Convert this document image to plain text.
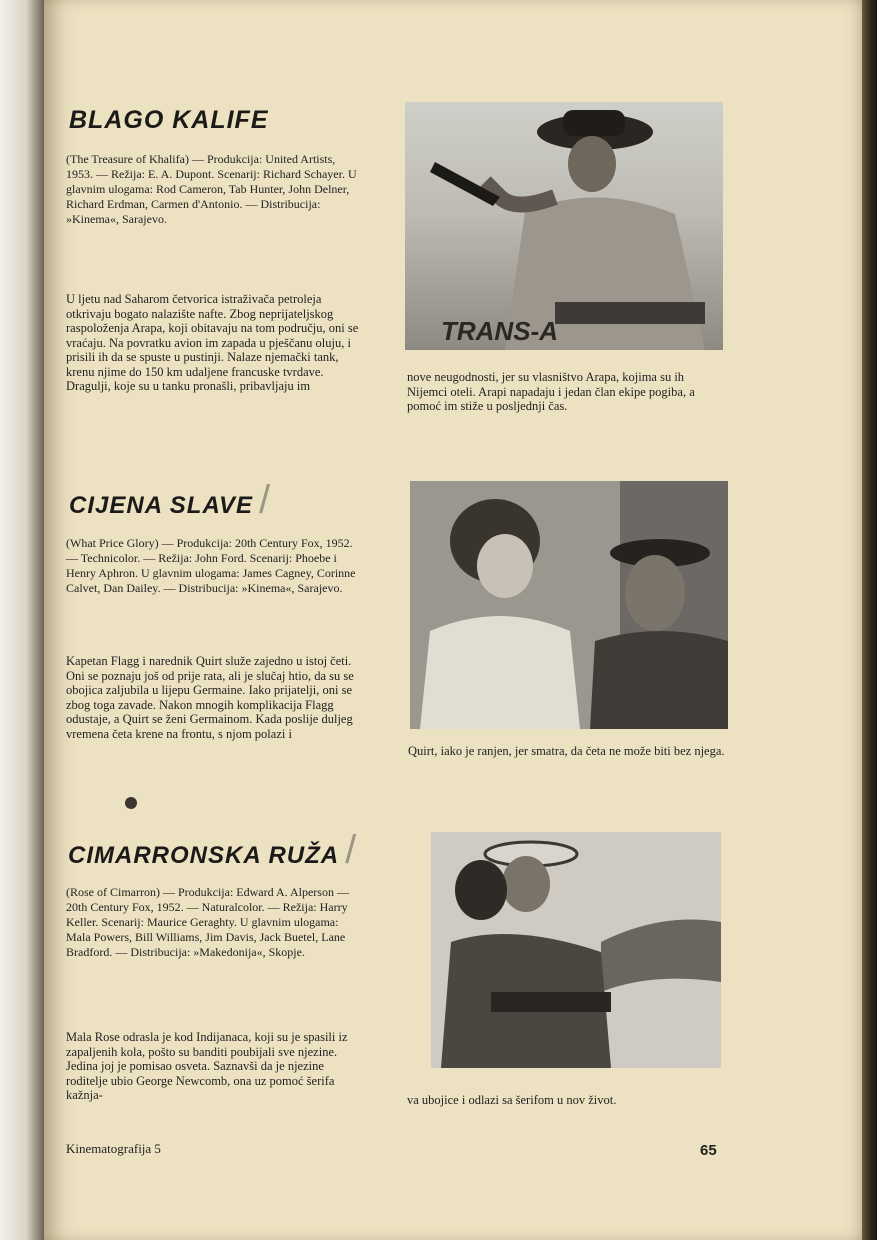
BLAGO KALIFE

(The Treasure of Khalifa) — Produkcija: United Artists, 1953. — Režija: E. A. Dupont. Scenarij: Richard Schayer. U glavnim ulogama: Rod Cameron, Tab Hunter, John Delner, Richard Erdman, Carmen d'Antonio. — Distribucija: »Kinema«, Sarajevo.

U ljetu nad Saharom četvorica istraživača petroleja otkrivaju bogato nalazište nafte. Zbog neprijateljskog raspoloženja Arapa, koji obitavaju na tom području, oni se vraćaju. Na povratku avion im zapada u pješčanu oluju, i prisili ih da se spuste u pustinji. Nalaze njemački tank, krenu njime do 150 km udaljene francuske tvrdave. Dragulji, koje su u tanku pronašli, pribavljaju im

TRANS-A

nove neugodnosti, jer su vlasništvo Arapa, kojima su ih Nijemci oteli. Arapi napadaju i jedan član ekipe pogiba, a pomoć im stiže u posljednji čas.

CIJENA SLAVE /

(What Price Glory) — Produkcija: 20th Century Fox, 1952. — Technicolor. — Režija: John Ford. Scenarij: Phoebe i Henry Aphron. U glavnim ulogama: James Cagney, Corinne Calvet, Dan Dailey. — Distribucija: »Kinema«, Sarajevo.

Kapetan Flagg i narednik Quirt služe zajedno u istoj četi. Oni se poznaju još od prije rata, ali je slučaj htio, da su se obojica zaljubila u lijepu Germaine. Iako prijatelji, oni se zbog toga zavade. Nakon mnogih komplikacija Flagg odustaje, a Quirt se ženi Germainom. Kada poslije duljeg vremena četa krene na frontu, s njom polazi i

Quirt, iako je ranjen, jer smatra, da četa ne može biti bez njega.

CIMARRONSKA RUŽA /

(Rose of Cimarron) — Produkcija: Edward A. Alperson — 20th Century Fox, 1952. — Naturalcolor. — Režija: Harry Keller. Scenarij: Maurice Geraghty. U glavnim ulogama: Mala Powers, Bill Williams, Jim Davis, Jack Buetel, Lane Bradford. — Distribucija: »Makedonija«, Skopje.

Mala Rose odrasla je kod Indijanaca, koji su je spasili iz zapaljenih kola, pošto su banditi poubijali sve njezine. Jedina joj je pomisao osveta. Saznavši da je njezine roditelje ubio George Newcomb, ona uz pomoć šerifa kažnja-	va ubojice i odlazi sa šerifom u nov život.

Kinematografija 5	65
